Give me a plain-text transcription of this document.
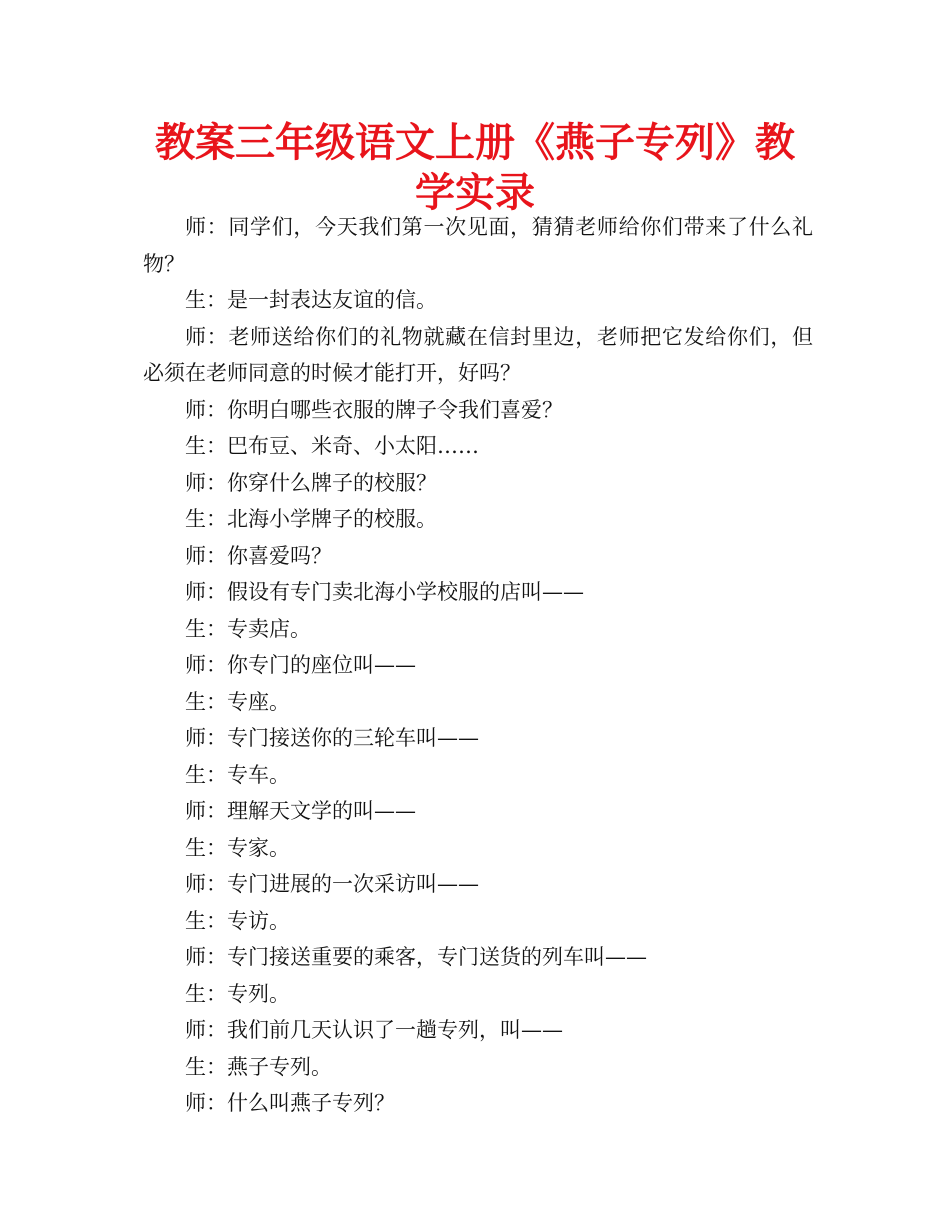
教案三年级语文上册《燕子专列》教学实录

师：同学们，今天我们第一次见面，猜猜老师给你们带来了什么礼物？

生：是一封表达友谊的信。

师：老师送给你们的礼物就藏在信封里边，老师把它发给你们，但必须在老师同意的时候才能打开，好吗？

师：你明白哪些衣服的牌子令我们喜爱？

生：巴布豆、米奇、小太阳……

师：你穿什么牌子的校服？

生：北海小学牌子的校服。

师：你喜爱吗？

师：假设有专门卖北海小学校服的店叫——

生：专卖店。

师：你专门的座位叫——

生：专座。

师：专门接送你的三轮车叫——

生：专车。

师：理解天文学的叫——

生：专家。

师：专门进展的一次采访叫——

生：专访。

师：专门接送重要的乘客，专门送货的列车叫——

生：专列。

师：我们前几天认识了一趟专列，叫——

生：燕子专列。

师：什么叫燕子专列？
